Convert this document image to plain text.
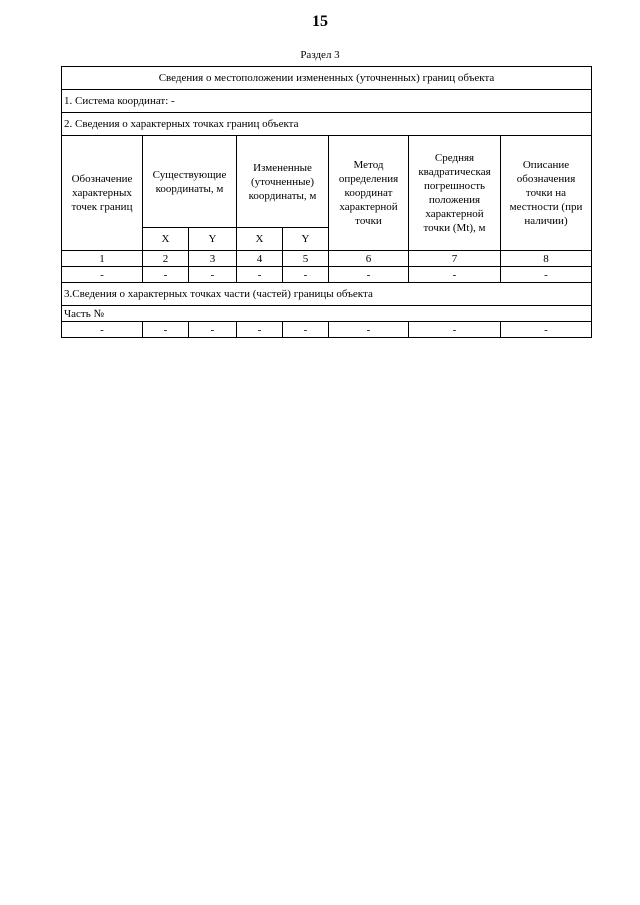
15
Раздел 3
Сведения о местоположении измененных (уточненных) границ объекта							
1. Система координат: -							
2. Сведения о характерных точках границ объекта							
Обозначение характерных точек границ	Существующие координаты, м		Измененные (уточненные) координаты, м		Метод определения координат характерной точки	Средняя квадратическая погрешность положения характерной точки (Mt), м	Описание обозначения точки на местности (при наличии)
	X	Y	X	Y			
1	2	3	4	5	6	7	8
-	-	-	-	-	-	-	-
3.Сведения о характерных точках части (частей) границы объекта							
Часть №							
-	-	-	-	-	-	-	-
